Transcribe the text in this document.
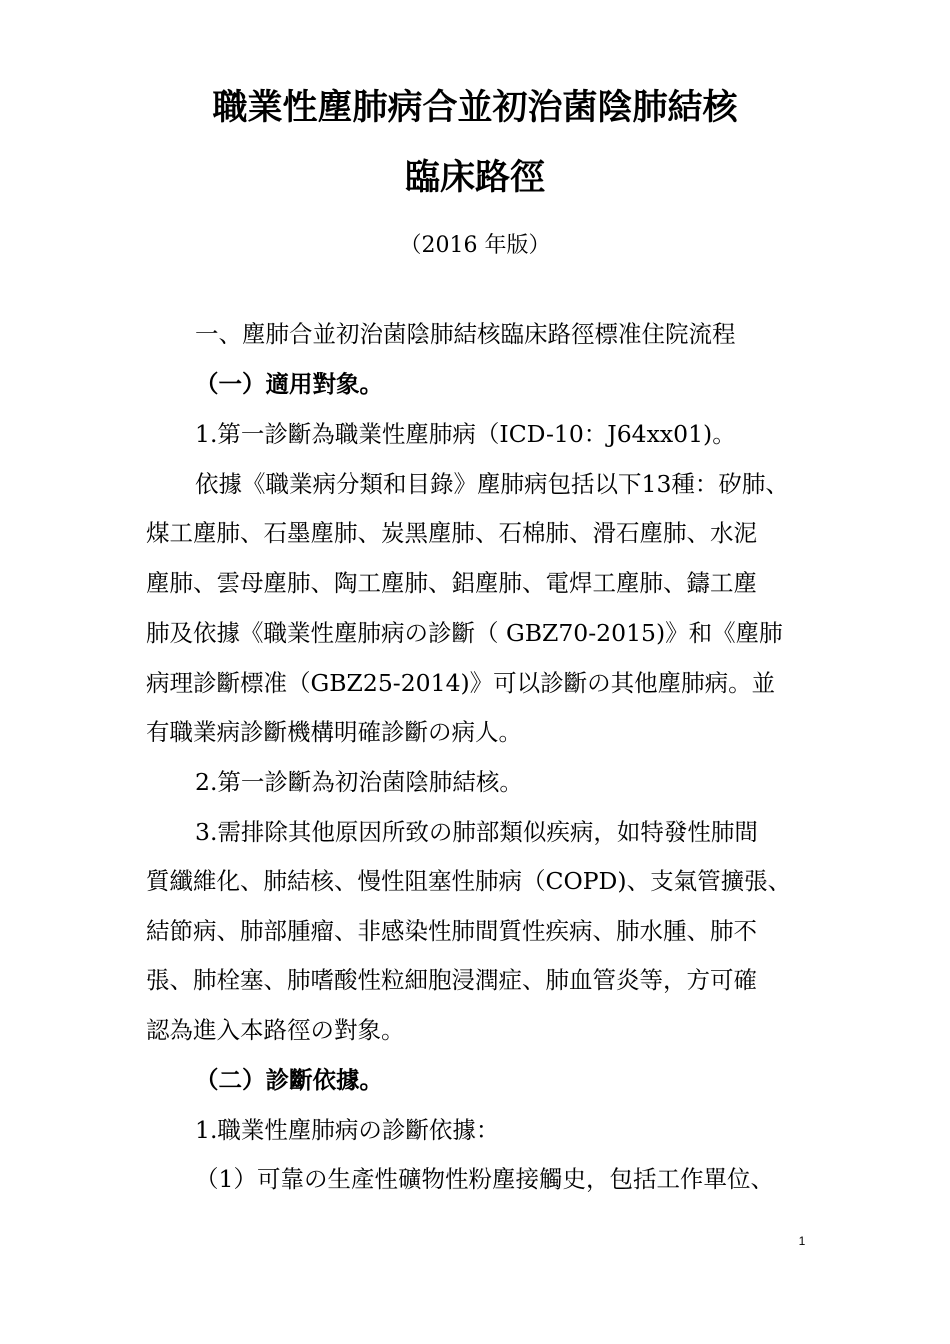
職業性塵肺病合並初治菌陰肺結核
臨床路徑
（2016 年版）
一、塵肺合並初治菌陰肺結核臨床路徑標准住院流程
（一）適用對象。
1.第一診斷為職業性塵肺病（ICD-10：J64xx01)。
依據《職業病分類和目錄》塵肺病包括以下13種：矽肺、
煤工塵肺、石墨塵肺、炭黑塵肺、石棉肺、滑石塵肺、水泥
塵肺、雲母塵肺、陶工塵肺、鋁塵肺、電焊工塵肺、鑄工塵
肺及依據《職業性塵肺病の診斷（ GBZ70-2015)》和《塵肺
病理診斷標准（GBZ25-2014)》可以診斷の其他塵肺病。並
有職業病診斷機構明確診斷の病人。
2.第一診斷為初治菌陰肺結核。
3.需排除其他原因所致の肺部類似疾病，如特發性肺間
質纖維化、肺結核、慢性阻塞性肺病（COPD)、支氣管擴張、
結節病、肺部腫瘤、非感染性肺間質性疾病、肺水腫、肺不
張、肺栓塞、肺嗜酸性粒細胞浸潤症、肺血管炎等，方可確
認為進入本路徑の對象。
（二）診斷依據。
1.職業性塵肺病の診斷依據：
（1）可靠の生產性礦物性粉塵接觸史，包括工作單位、
1
